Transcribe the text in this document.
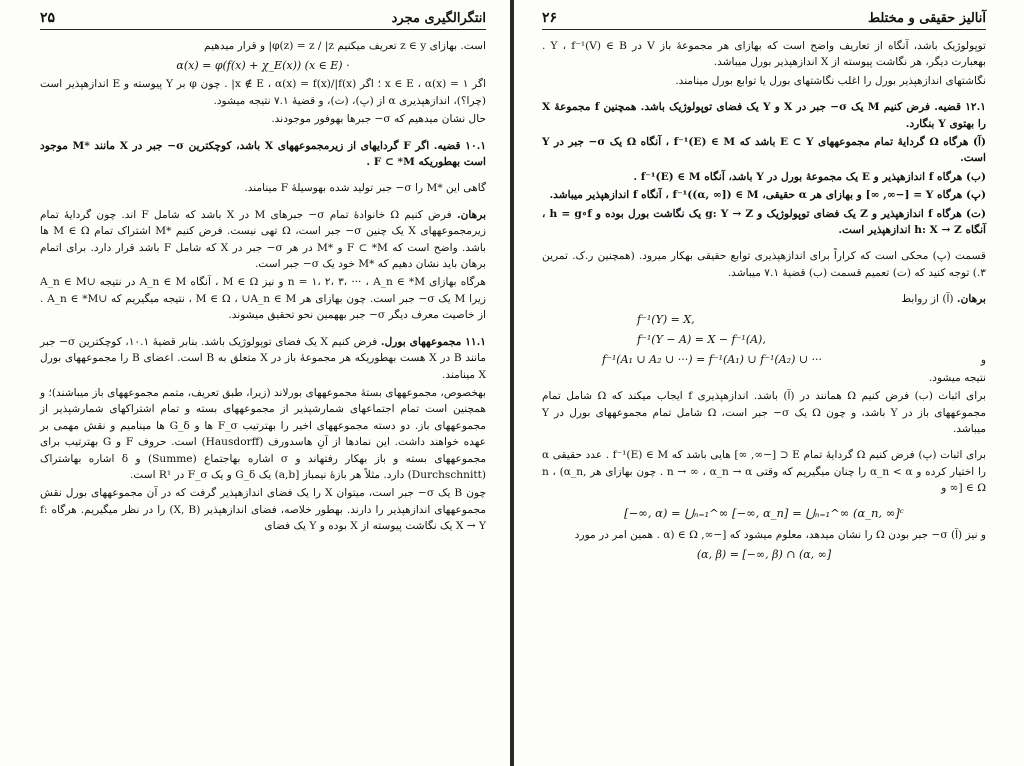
انتگرالگیری مجرد
۲۵

است. بهازای z ∈ y تعریف میکنیم φ(z) = z / |z| و قرار میدهیم

α(x) = φ(f(x) + χ_E(x)) (x ∈ E) ·

اگر x ∈ E ، α(x) = ۱ ؛ اگر x ∉ E ، α(x) = f(x)/|f(x)| . چون φ بر Y پیوسته و E اندازهپذیر است (چرا؟)، اندازهپذیری α از (پ)، (ت)، و قضیهٔ ۷.۱ نتیجه میشود.

حال نشان میدهیم که σ− جبرها بهوفور موجودند.

۱۰.۱ قضیه. اگر F گردایهای از زیرمجموعههای X باشد، کوچکترین σ− جبر در X مانند *M موجود است بهطوریکه F ⊂ *M .

گاهی این *M را σ− جبر تولید شده بهوسیلهٔ F مینامند.

برهان. فرض کنیم Ω خانوادهٔ تمام σ− جبرهای M در X باشد که شامل F اند. چون گردایهٔ تمام زیرمجموعههای X یک چنین σ− جبر است، Ω تهی نیست. فرض کنیم *M اشتراک تمام M ∈ Ω ها باشد. واضح است که F ⊂ *M و *M در هر σ− جبر در X که شامل F باشد قرار دارد. برای اتمام برهان باید نشان دهیم که *M خود یک σ− جبر است.

هرگاه بهازای n = ۱، ۲، ۳، ··· ، A_n ∈ *M و نیز M ∈ Ω ، آنگاه A_n ∈ M در نتیجه ∪A_n ∈ M زیرا M یک σ− جبر است. چون بهازای هر M ∈ Ω ، ∪A_n ∈ M ، نتیجه میگیریم که ∪A_n ∈ *M . از خاصیت معرف دیگر σ− جبر بههمین نحو تحقیق میشوند.

۱۱.۱ مجموعههای بورل. فرض کنیم X یک فضای توپولوژیک باشد. بنابر قضیهٔ ۱۰.۱، کوچکترین σ− جبر مانند B در X هست بهطوریکه هر مجموعهٔ باز در X متعلق به B است. اعضای B را مجموعههای بورل X مینامند.

بهخصوص، مجموعههای بستهٔ مجموعههای بورلاند (زیرا، طبق تعریف، متمم مجموعههای باز میباشند)؛ و همچنین است تمام اجتماعهای شمارشپذیر از مجموعههای بسته و تمام اشتراکهای شمارشپذیر از مجموعههای باز. دو دسته مجموعههای اخیر را بهترتیب F_σ ها و G_δ ها مینامیم و نقش مهمی بر عهده خواهند داشت. این نمادها از آنِ هاسدورف (Hausdorff) است. حروف F و G بهترتیب برای مجموعههای بسته و باز بهکار رفتهاند و σ اشاره بهاجتماع (Summe) و δ اشاره بهاشتراک (Durchschnitt) دارد. مثلاً هر بازهٔ نیمباز [a,b) یک G_δ و یک F_σ در R¹ است.

چون B یک σ− جبر است، میتوان X را یک فضای اندازهپذیر گرفت که در آن مجموعههای بورل نقش مجموعههای اندازهپذیر را دارند. بهطور خلاصه، فضای اندازهپذیر (X, B) را در نظر میگیریم. هرگاه f: X → Y یک نگاشت پیوسته از X بوده و Y یک فضای

آنالیز حقیقی و مختلط
۲۶

توپولوژیک باشد، آنگاه از تعاریف واضح است که بهازای هر مجموعهٔ باز V در Y ، f⁻¹(V) ∈ B . بهعبارت دیگر، هر نگاشت پیوسته از X اندازهپذیر بورل میباشد.

نگاشتهای اندازهپذیر بورل را اغلب نگاشتهای بورل یا توابع بورل مینامند.

۱۲.۱ قضیه. فرض کنیم M یک σ− جبر در X و Y یک فضای توپولوژیک باشد. همچنین f مجموعهٔ X را بهتوی Y بنگارد.

(آ) هرگاه Ω گردایهٔ تمام مجموعههای E ⊂ Y باشد که f⁻¹(E) ∈ M ، آنگاه Ω یک σ− جبر در Y است.

(ب) هرگاه f اندازهپذیر و E یک مجموعهٔ بورل در Y باشد، آنگاه f⁻¹(E) ∈ M .

(پ) هرگاه Y = [−∞, ∞] و بهازای هر α حقیقی، f⁻¹((α, ∞]) ∈ M ، آنگاه f اندازهپذیر میباشد.

(ت) هرگاه f اندازهپذیر و Z یک فضای توپولوژیک و g: Y → Z یک نگاشت بورل بوده و h = g∘f ، آنگاه h: X → Z اندازهپذیر است.

قسمت (پ) محکی است که کراراً برای اندازهپذیری توابع حقیقی بهکار میرود. (همچنین ر.ک. تمرین ۳.) توجه کنید که (ت) تعمیم قسمت (ب) قضیهٔ ۷.۱ میباشد.

برهان. (آ) از روابط

f⁻¹(Y) = X,
f⁻¹(Y − A) = X − f⁻¹(A),
f⁻¹(A₁ ∪ A₂ ∪ ···) = f⁻¹(A₁) ∪ f⁻¹(A₂) ∪ ···	و

نتیجه میشود.

برای اثبات (ب) فرض کنیم Ω همانند در (آ) باشد. اندازهپذیری f ایجاب میکند که Ω شامل تمام مجموعههای باز در Y باشد، و چون Ω یک σ− جبر است، Ω شامل تمام مجموعههای بورل در Y میباشد.

برای اثبات (پ) فرض کنیم Ω گردایهٔ تمام E ⊂ [−∞, ∞] هایی باشد که f⁻¹(E) ∈ M . عدد حقیقی α را اختیار کرده و α_n < α را چنان میگیریم که وقتی n → ∞ ، α_n → α . چون بهازای هر n ، (α_n, ∞] ∈ Ω و

[−∞, α) = ⋃ₙ₌₁^∞ [−∞, α_n] = ⋃ₙ₌₁^∞ (α_n, ∞]ᶜ

و نیز (آ) σ− جبر بودن Ω را نشان میدهد، معلوم میشود که [−∞, α) ∈ Ω . همین امر در مورد

(α, β) = [−∞, β) ∩ (α, ∞]
